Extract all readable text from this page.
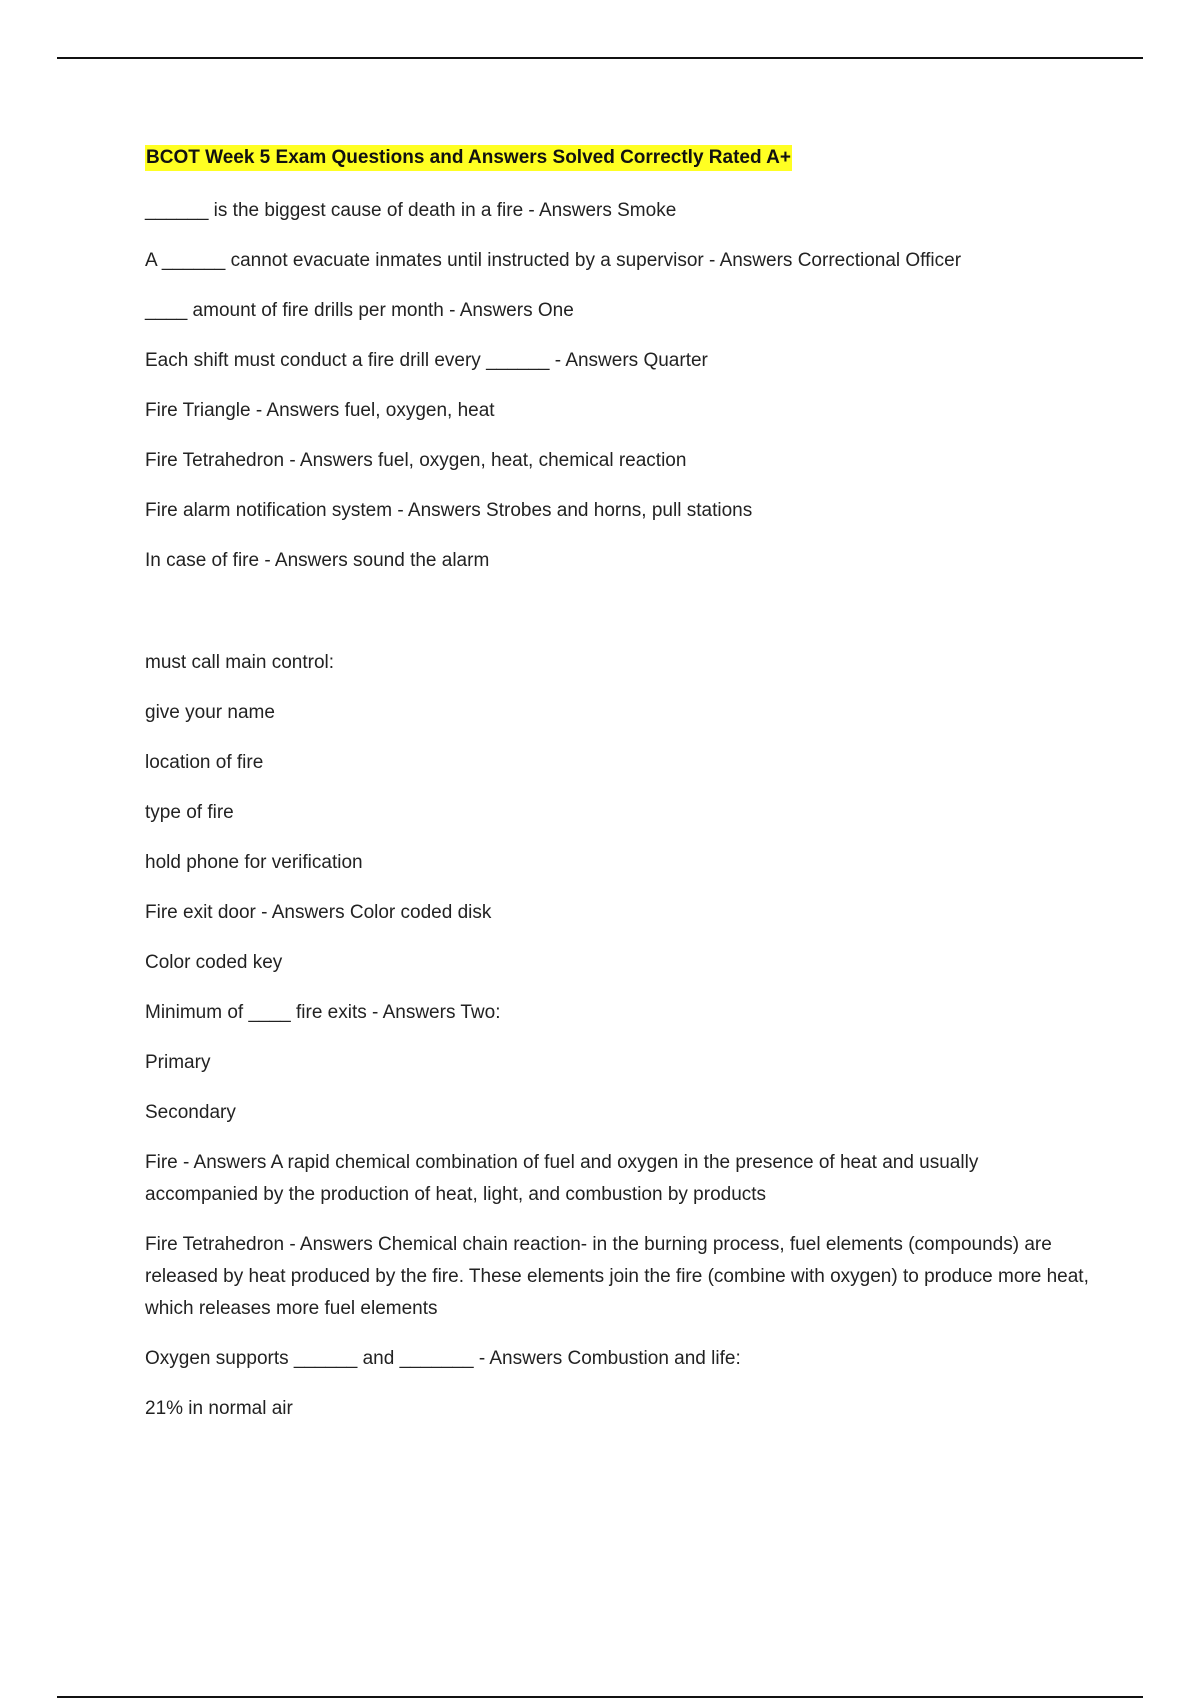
BCOT Week 5 Exam Questions and Answers Solved Correctly Rated A+
______ is the biggest cause of death in a fire - Answers Smoke
A ______ cannot evacuate inmates until instructed by a supervisor - Answers Correctional Officer
____ amount of fire drills per month - Answers One
Each shift must conduct a fire drill every ______ - Answers Quarter
Fire Triangle - Answers fuel, oxygen, heat
Fire Tetrahedron - Answers fuel, oxygen, heat, chemical reaction
Fire alarm notification system - Answers Strobes and horns, pull stations
In case of fire - Answers sound the alarm
must call main control:
give your name
location of fire
type of fire
hold phone for verification
Fire exit door - Answers Color coded disk
Color coded key
Minimum of ____ fire exits - Answers Two:
Primary
Secondary
Fire - Answers A rapid chemical combination of fuel and oxygen in the presence of heat and usually accompanied by the production of heat, light, and combustion by products
Fire Tetrahedron - Answers Chemical chain reaction- in the burning process, fuel elements (compounds) are released by heat produced by the fire. These elements join the fire (combine with oxygen) to produce more heat, which releases more fuel elements
Oxygen supports ______ and _______ - Answers Combustion and life:
21% in normal air
